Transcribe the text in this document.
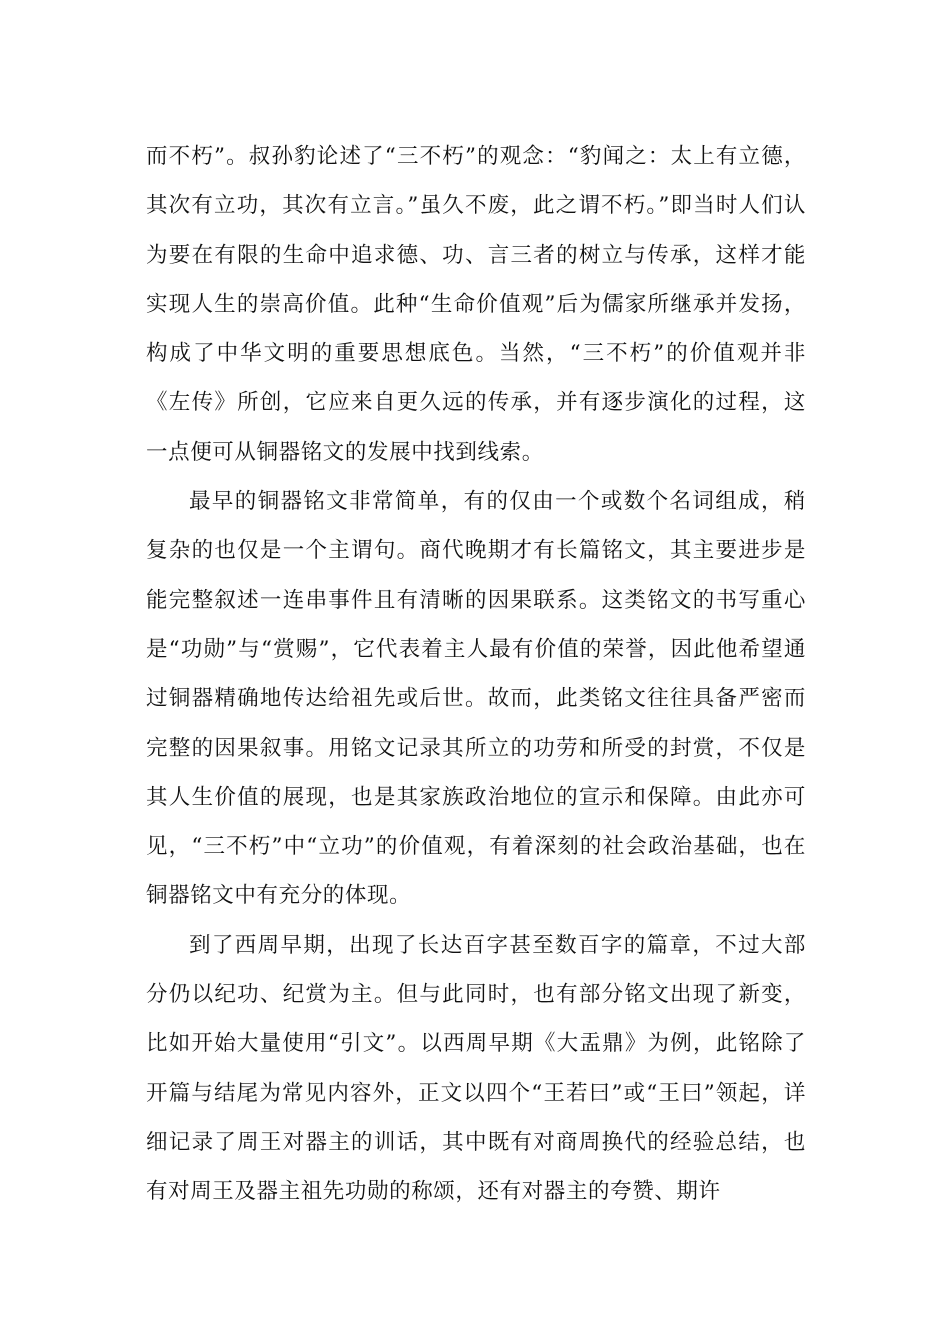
而不朽”。叔孙豹论述了“三不朽”的观念：“豹闻之：太上有立德，其次有立功，其次有立言。”虽久不废，此之谓不朽。”即当时人们认为要在有限的生命中追求德、功、言三者的树立与传承，这样才能实现人生的崇高价值。此种“生命价值观”后为儒家所继承并发扬，构成了中华文明的重要思想底色。当然，“三不朽”的价值观并非《左传》所创，它应来自更久远的传承，并有逐步演化的过程，这一点便可从铜器铭文的发展中找到线索。

最早的铜器铭文非常简单，有的仅由一个或数个名词组成，稍复杂的也仅是一个主谓句。商代晚期才有长篇铭文，其主要进步是能完整叙述一连串事件且有清晰的因果联系。这类铭文的书写重心是“功勋”与“赏赐”，它代表着主人最有价值的荣誉，因此他希望通过铜器精确地传达给祖先或后世。故而，此类铭文往往具备严密而完整的因果叙事。用铭文记录其所立的功劳和所受的封赏，不仅是其人生价值的展现，也是其家族政治地位的宣示和保障。由此亦可见，“三不朽”中“立功”的价值观，有着深刻的社会政治基础，也在铜器铭文中有充分的体现。

到了西周早期，出现了长达百字甚至数百字的篇章，不过大部分仍以纪功、纪赏为主。但与此同时，也有部分铭文出现了新变，比如开始大量使用“引文”。以西周早期《大盂鼎》为例，此铭除了开篇与结尾为常见内容外，正文以四个“王若曰”或“王曰”领起，详细记录了周王对器主的训话，其中既有对商周换代的经验总结，也有对周王及器主祖先功勋的称颂，还有对器主的夸赞、期许
